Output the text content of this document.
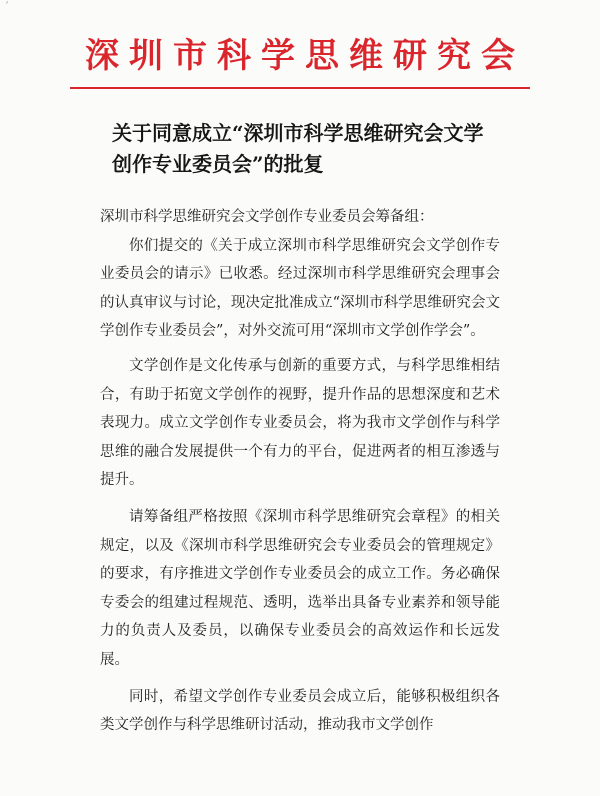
ˊ
深圳市科学思维研究会
关于同意成立“深圳市科学思维研究会文学创作专业委员会”的批复

深圳市科学思维研究会文学创作专业委员会筹备组：

你们提交的《关于成立深圳市科学思维研究会文学创作专业委员会的请示》已收悉。经过深圳市科学思维研究会理事会的认真审议与讨论，现决定批准成立“深圳市科学思维研究会文学创作专业委员会”，对外交流可用“深圳市文学创作学会”。

文学创作是文化传承与创新的重要方式，与科学思维相结合，有助于拓宽文学创作的视野，提升作品的思想深度和艺术表现力。成立文学创作专业委员会，将为我市文学创作与科学思维的融合发展提供一个有力的平台，促进两者的相互渗透与提升。

请筹备组严格按照《深圳市科学思维研究会章程》的相关规定，以及《深圳市科学思维研究会专业委员会的管理规定》的要求，有序推进文学创作专业委员会的成立工作。务必确保专委会的组建过程规范、透明，选举出具备专业素养和领导能力的负责人及委员，以确保专业委员会的高效运作和长远发展。

同时，希望文学创作专业委员会成立后，能够积极组织各类文学创作与科学思维研讨活动，推动我市文学创作
